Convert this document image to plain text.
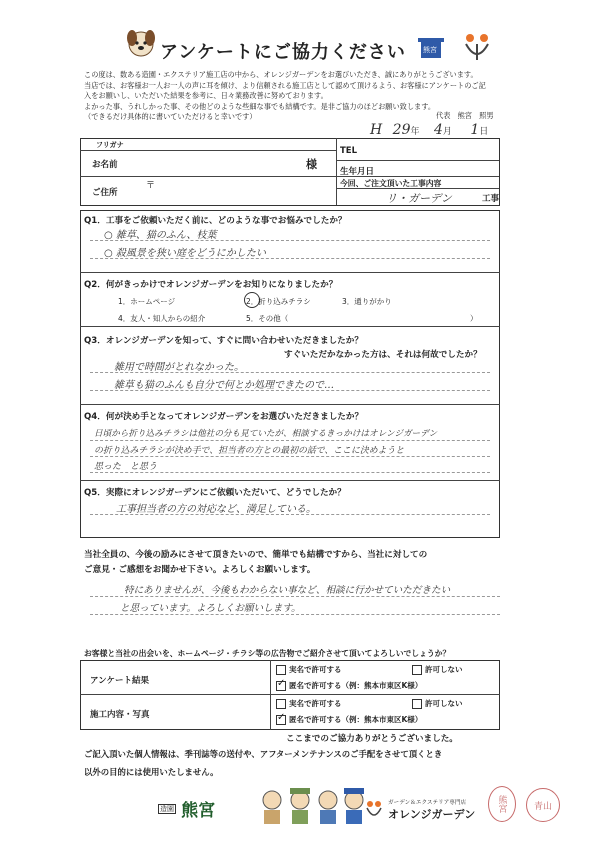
アンケートにご協力ください 熊宮
この度は、数ある造園・エクステリア施工店の中から、オレンジガーデンをお選びいただき、誠にありがとうございます。
当店では、お客様お一人お一人の声に耳を傾け、より信頼される施工店として認めて頂けるよう、お客様にアンケートのご記
入をお願いし、いただいた結果を参考に、日々業務改善に努めております。
よかった事、うれしかった事、その他どのような些細な事でも結構です。是非ご協力のほどお願い致します。
（できるだけ具体的に書いていただけると幸いです）	代表　熊宮　照男
H 29年 4月 1日
フリガナ
お名前	様
TEL
生年月日
ご住所
〒	今回、ご注文頂いた工事内容
リ・ガーデン	工事
Q1．工事をご依頼いただく前に、どのような事でお悩みでしたか？
○ 雑草、猫のふん、枝葉
○ 殺風景を狭い庭をどうにかしたい
Q2．何がきっかけでオレンジガーデンをお知りになりましたか？
1．ホームページ	2．折り込みチラシ	3．通りがかり
4．友人・知人からの紹介	5．その他（	）
Q3．オレンジガーデンを知って、すぐに問い合わせいただきましたか？
すぐいただかなかった方は、それは何故でしたか？
雑用で時間がとれなかった。
雑草も猫のふんも自分で何とか処理できたので…
Q4．何が決め手となってオレンジガーデンをお選びいただきましたか？
日頃から折り込みチラシは他社の分も見ていたが、相談するきっかけはオレンジガーデン
の折り込みチラシが決め手で、担当者の方との最初の話で、ここに決めようと
思った　と思う
Q5．実際にオレンジガーデンにご依頼いただいて、どうでしたか？
工事担当者の方の対応など、満足している。
当社全員の、今後の励みにさせて頂きたいので、簡単でも結構ですから、当社に対しての
ご意見・ご感想をお聞かせ下さい。よろしくお願いします。
特にありませんが、今後もわからない事など、相談に行かせていただきたい
と思っています。よろしくお願いします。
お客様と当社の出会いを、ホームページ・チラシ等の広告物でご紹介させて頂いてよろしいでしょうか？
アンケート結果
実名で許可する	許可しない
✓ 匿名で許可する（例：熊本市東区K様）
施工内容・写真
実名で許可する	許可しない
✓ 匿名で許可する（例：熊本市東区K様）
ここまでのご協力ありがとうございました。
ご記入頂いた個人情報は、季刊誌等の送付や、アフターメンテナンスのご手配をさせて頂くとき
以外の目的には使用いたしません。
造園 熊宮	ガーデン＆エクステリア専門店
オレンジガーデン
熊宮	青山
